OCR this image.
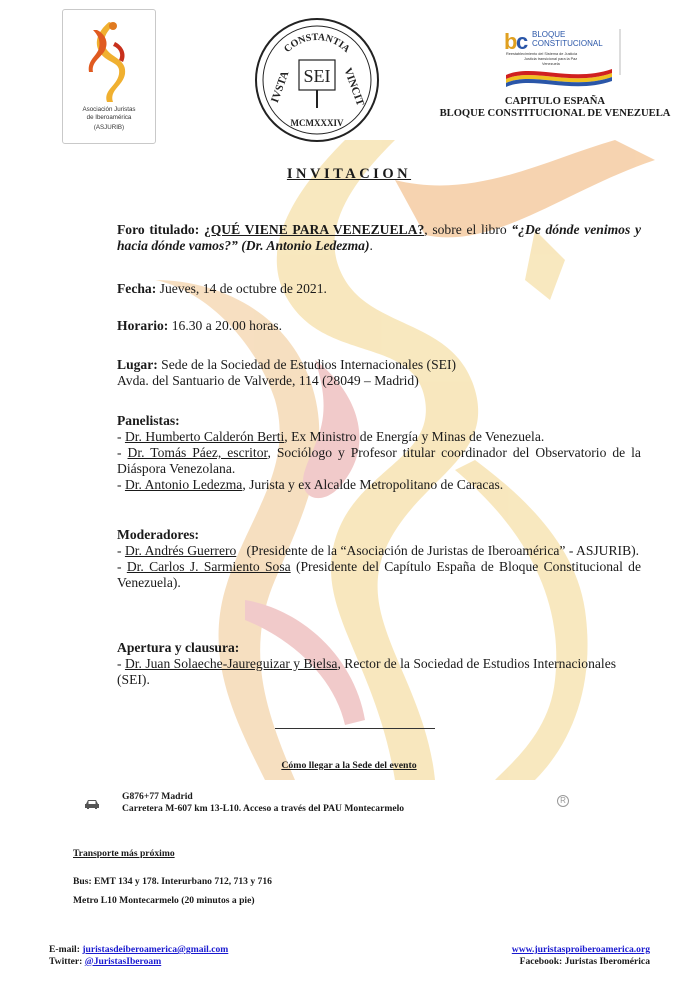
Asociación Juristas
de Iberoamérica
(ASJURIB)
CONSTANTIA
IVSTA	VINCIT
SEI
MCMXXXIV
b
c BLOQUE
CONSTITUCIONAL
Reestablecimiento del Sistema de Justicia
Justicia transicional para la Paz
Venezuela
CAPITULO ESPAÑA
BLOQUE CONSTITUCIONAL DE VENEZUELA
INVITACION
Foro titulado: ¿QUÉ VIENE PARA VENEZUELA?, sobre el libro “¿De dónde venimos y hacia dónde vamos?” (Dr. Antonio Ledezma).
Fecha: Jueves, 14 de octubre de 2021.
Horario: 16.30 a 20.00 horas.
Lugar: Sede de la Sociedad de Estudios Internacionales (SEI)
Avda. del Santuario de Valverde, 114 (28049 – Madrid)
Panelistas:
- Dr. Humberto Calderón Berti, Ex Ministro de Energía y Minas de Venezuela.
- Dr. Tomás Páez, escritor, Sociólogo y Profesor titular coordinador del Observatorio de la Diáspora Venezolana.
- Dr. Antonio Ledezma, Jurista y ex Alcalde Metropolitano de Caracas.
Moderadores:
- Dr. Andrés Guerrero   (Presidente de la “Asociación de Juristas de Iberoamérica” - ASJURIB).
- Dr. Carlos J. Sarmiento Sosa (Presidente del Capítulo España de Bloque Constitucional de Venezuela).
Apertura y clausura:
- Dr. Juan Solaeche-Jaureguizar y Bielsa, Rector de la Sociedad de Estudios Internacionales (SEI).
Cómo llegar a la Sede del evento
G876+77 Madrid
Carretera M-607 km 13-L10. Acceso a través del PAU Montecarmelo
R
Transporte más próximo
Bus: EMT 134 y 178. Interurbano 712, 713 y 716
Metro L10 Montecarmelo (20 minutos a pie)
E-mail: juristasdeiberoamerica@gmail.com
Twitter: @JuristasIberoam
www.juristasproiberoamerica.org
Facebook: Juristas Iberomérica
